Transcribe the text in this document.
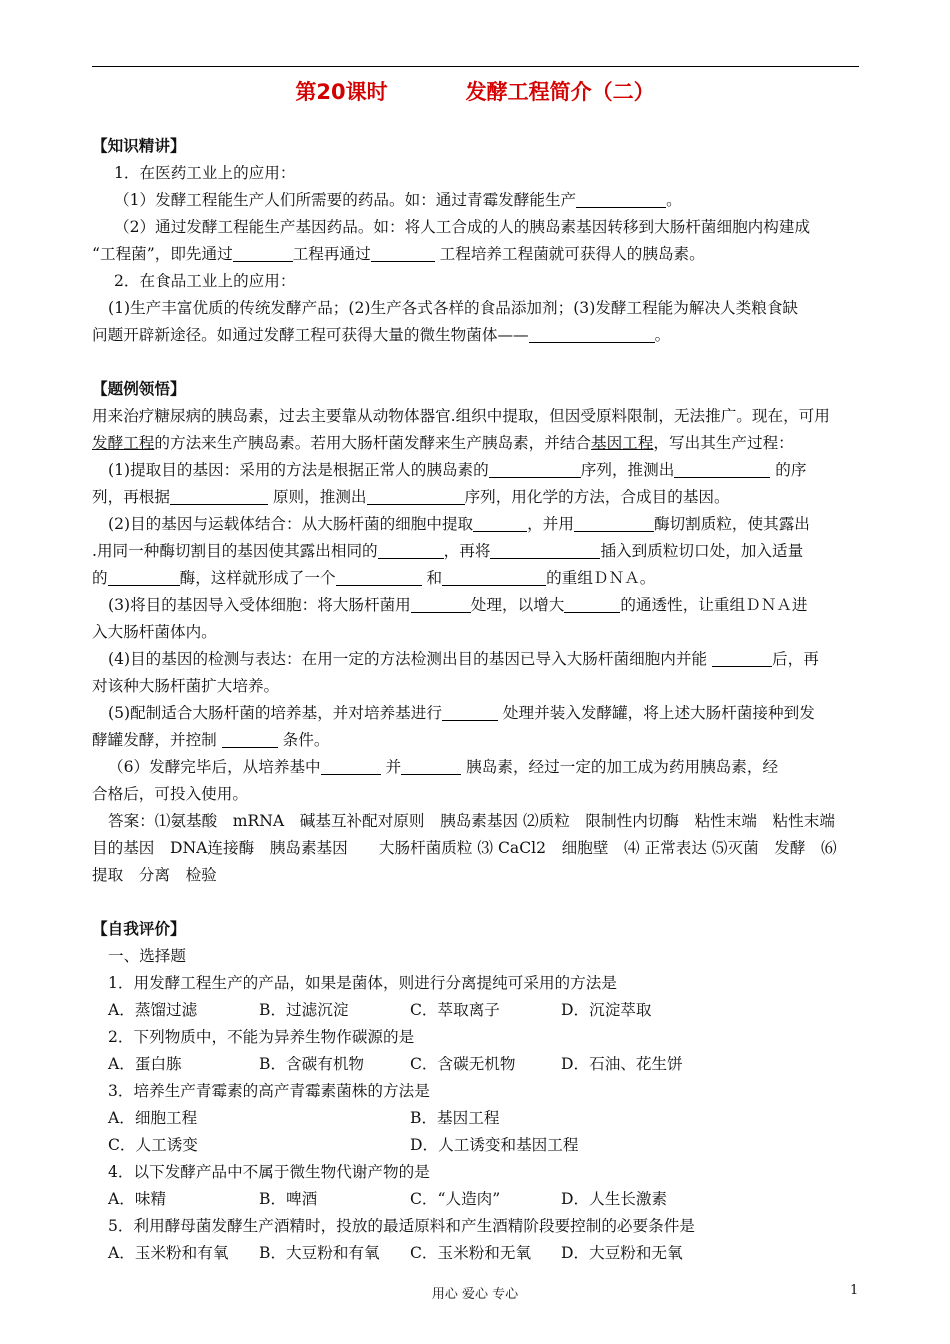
第20课时	发酵工程简介（二）

【知识精讲】

1．在医药工业上的应用：

（1）发酵工程能生产人们所需要的药品。如：通过青霉发酵能生产	。

（2）通过发酵工程能生产基因药品。如：将人工合成的人的胰岛素基因转移到大肠杆菌细胞内构建成

“工程菌”，即先通过	工程再通过	工程培养工程菌就可获得人的胰岛素。

2．在食品工业上的应用：

(1)生产丰富优质的传统发酵产品；(2)生产各式各样的食品添加剂；(3)发酵工程能为解决人类粮食缺

问题开辟新途径。如通过发酵工程可获得大量的微生物菌体——	。

【题例领悟】

用来治疗糖尿病的胰岛素，过去主要靠从动物体器官.组织中提取，但因受原料限制，无法推广。现在，可用

发酵工程的方法来生产胰岛素。若用大肠杆菌发酵来生产胰岛素，并结合基因工程，写出其生产过程：

(1)提取目的基因：采用的方法是根据正常人的胰岛素的	序列，推测出	的序

列，再根据	原则，推测出	序列，用化学的方法，合成目的基因。

(2)目的基因与运载体结合：从大肠杆菌的细胞中提取	，并用	酶切割质粒，使其露出

.用同一种酶切割目的基因使其露出相同的	，再将	插入到质粒切口处，加入适量

的	酶，这样就形成了一个	和	的重组ＤＮＡ。

(3)将目的基因导入受体细胞：将大肠杆菌用	处理，以增大	的通透性，让重组ＤＮＡ进

入大肠杆菌体内。

(4)目的基因的检测与表达：在用一定的方法检测出目的基因已导入大肠杆菌细胞内并能	后，再

对该种大肠杆菌扩大培养。

(5)配制适合大肠杆菌的培养基，并对培养基进行	处理并装入发酵罐，将上述大肠杆菌接种到发

酵罐发酵，并控制	条件。

（6）发酵完毕后，从培养基中	并	胰岛素，经过一定的加工成为药用胰岛素，经

合格后，可投入使用。

答案：⑴氨基酸　mRNA　碱基互补配对原则　胰岛素基因 ⑵质粒　限制性内切酶　粘性末端　粘性末端

目的基因　DNA连接酶　胰岛素基因　　大肠杆菌质粒 ⑶ CaCl2　细胞壁　⑷ 正常表达 ⑸灭菌　发酵　⑹

提取　分离　检验

【自我评价】

一、选择题

1．用发酵工程生产的产品，如果是菌体，则进行分离提纯可采用的方法是

A．蒸馏过滤	B．过滤沉淀	C．萃取离子	D．沉淀萃取

2．下列物质中，不能为异养生物作碳源的是

A．蛋白胨	B．含碳有机物	C．含碳无机物	D．石油、花生饼

3．培养生产青霉素的高产青霉素菌株的方法是

A．细胞工程	B．基因工程
C．人工诱变	D．人工诱变和基因工程

4．以下发酵产品中不属于微生物代谢产物的是

A．味精	B．啤酒	C．“人造肉”	D．人生长激素

5．利用酵母菌发酵生产酒精时，投放的最适原料和产生酒精阶段要控制的必要条件是

A．玉米粉和有氧	B．大豆粉和有氧	C．玉米粉和无氧	D．大豆粉和无氧
用心 爱心 专心	1
